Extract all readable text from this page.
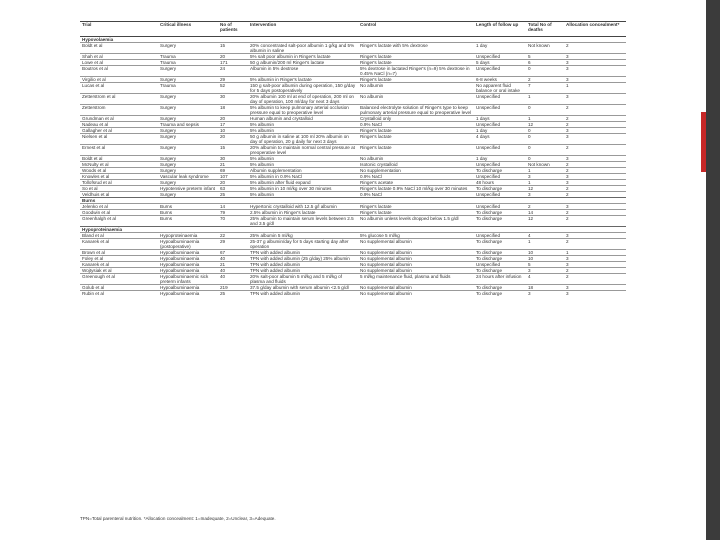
Trial	Critical illness	No of patients	Intervention	Control	Length of follow up	Total No of deaths	Allocation concealment*
Hypovolaemia							
Boldt et al	Surgery	15	20% concentrated salt-poor albumin 1 g/kg and 5% albumin in saline	Ringer's lactate with 5% dextrose	1 day	Not known	2
Shah et al	Trauma	20	5% salt poor albumin in Ringer's lactate	Ringer's lactate	Unspecified	5	3
Lowe et al	Trauma	171	50 g albumin/200 ml Ringer's lactate	Ringer's lactate	5 days	6	3
Boutros et al	Surgery	24	Albumin in 5% dextrose	5% dextrose in lactated Ringer's (n=9) 5% dextrose in 0.45% NaCl (n=7)	Unspecified	0	3
Virgilio et al	Surgery	29	5% albumin in Ringer's lactate	Ringer's lactate	6-8 weeks	2	3
Lucas et al	Trauma	52	150 g salt-poor albumin during operation, 150 g/day for 5 days postoperatively	No albumin	No apparent fluid balance or oral intake	7	1
Zetterstrom et al	Surgery	30	20% albumin 100 ml at end of operation, 200 ml on day of operation, 100 ml/day for next 3 days	No albumin	Unspecified	1	3
Zetterstrom	Surgery	18	5% albumin to keep pulmonary arterial occlusion pressure equal to preoperative level	Balanced electrolyte solution of Ringer's type to keep pulmonary arterial pressure equal to preoperative level	Unspecified	0	2
Grundman et al	Surgery	20	Human albumin and crystalloid	Crystalloid only	1 days	1	2
Nadeau et al	Trauma and sepsis	17	5% albumin	0.9% NaCl	Unspecified	12	2
Gallagher et al	Surgery	10	5% albumin	Ringer's lactate	1 day	0	3
Nielsen et al	Surgery	20	50 g albumin in saline at 100 ml 20% albumin on day of operation, 20 g daily for next 3 days	Ringer's lactate	4 days	0	3
Ernest et al	Surgery	15	20% albumin to maintain normal central pressure at preoperative level	Ringer's lactate	Unspecified	0	2
Boldt et al	Surgery	30	5% albumin	No albumin	1 day	0	3
McNulty et al	Surgery	21	5% albumin	Isotonic crystalloid	Unspecified	Not known	2
Woods et al	Surgery	69	Albumin supplementation	No supplementation	To discharge	1	2
Knowles et al	Vascular leak syndrome	107	5% albumin in 0.9% NaCl	0.9% NaCl	Unspecified	3	3
Tollofsrud et al	Surgery	20	5% albumin after fluid expand	Ringer's acetate	48 hours	1	3
So et al	Hypotensive preterm infant	63	5% albumin in 10 ml/kg over 30 minutes	Ringer's lactate 0.9% NaCl 10 ml/kg over 30 minutes	To discharge	12	2
Veldhuis et al	Surgery	25	5% albumin	0.9% NaCl	Unspecified	3	2
Burns							
Jelenko et al	Burns	14	Hypertonic crystalloid with 12.5 g/l albumin	Ringer's lactate	Unspecified	2	3
Goodwin et al	Burns	79	2.5% albumin in Ringer's lactate	Ringer's lactate	To discharge	14	2
Greenhalgh et al	Burns	70	25% albumin to maintain serum levels between 2.5 and 3.5 g/dl	No albumin unless levels dropped below 1.5 g/dl	To discharge	12	2
Hypoproteinaemia							
Bland et al	Hypoproteinaemia	22	25% albumin 5 ml/kg	5% glucose 5 ml/kg	Unspecified	4	3
Kanarek et al	Hypoalbuminaemia (postoperative)	29	25-37 g albumin/day for 5 days starting day after operation	No supplemental albumin	To discharge	1	2
Brown et al	Hypoalbuminaemia	67	TPN with added albumin	No supplemental albumin	To discharge	10	1
Foley et al	Hypoalbuminaemia	40	TPN with added albumin (25 g/day) 25% albumin	No supplemental albumin	To discharge	10	3
Kanarek et al	Hypoalbuminaemia	21	TPN with added albumin	No supplemental albumin	Unspecified	5	3
Wojtysiak et al	Hypoalbuminaemia	40	TPN with added albumin	No supplemental albumin	To discharge	3	2
Greenough et al	Hypoalbuminaemic sick preterm infants	40	20% salt-poor albumin 5 ml/kg and 5 ml/kg of plasma and fluids	5 ml/kg maintenance fluid, plasma and fluids	24 hours after infusion	4	2
Golub et al	Hypoalbuminaemia	219	37.5 g/day albumin with serum albumin <2.5 g/dl	No supplemental albumin	To discharge	18	3
Rubin et al	Hypoalbuminaemia	25	TPN with added albumin	No supplemental albumin	To discharge	3	3
TPN=Total parenteral nutrition. *Allocation concealment: 1=Inadequate, 2=Unclear, 3=Adequate.
